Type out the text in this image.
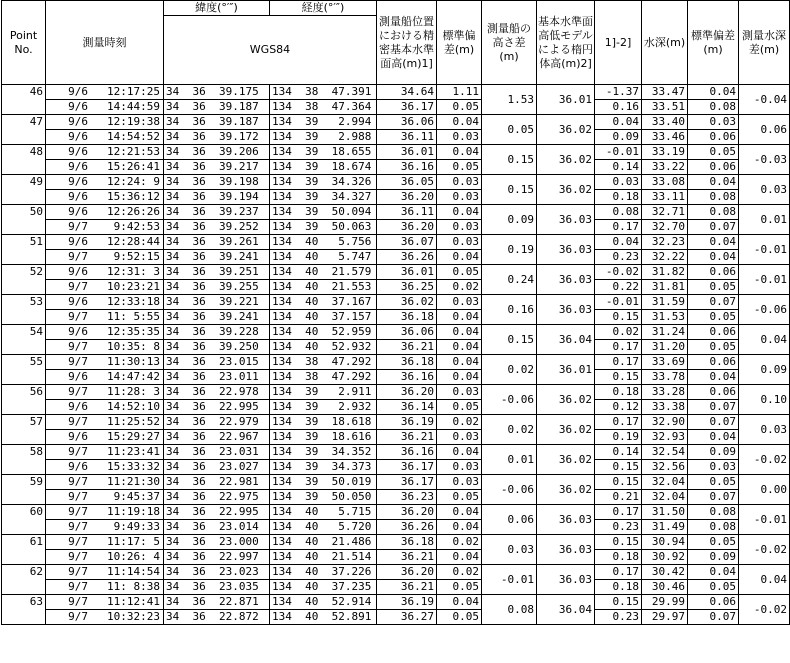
Point
No.	測量時刻	緯度(°′″)	経度(°′″)	測量船位置における精密基本水準面高(m)1]	標準偏差(m)	測量船の高さ差(m)	基本水準面高低モデルによる楕円体高(m)2]	1]-2]	水深(m)	標準偏差(m)	測量水深差(m)
		WGS84									
46	9/6 12:17:25	34  36  39.175	134  38  47.391	34.64	1.11	1.53	36.01	-1.37	33.47	0.04	-0.04
	9/6 14:44:59	34  36  39.187	134  38  47.364	36.17	0.05			0.16	33.51	0.08	
47	9/6 12:19:38	34  36  39.187	134  39   2.994	36.06	0.04	0.05	36.02	0.04	33.40	0.03	0.06
	9/6 14:54:52	34  36  39.172	134  39   2.988	36.11	0.03			0.09	33.46	0.06	
48	9/6 12:21:53	34  36  39.206	134  39  18.655	36.01	0.04	0.15	36.02	-0.01	33.19	0.05	-0.03
	9/6 15:26:41	34  36  39.217	134  39  18.674	36.16	0.05			0.14	33.22	0.06	
49	9/6 12:24: 9	34  36  39.198	134  39  34.326	36.05	0.03	0.15	36.02	0.03	33.08	0.04	0.03
	9/6 15:36:12	34  36  39.194	134  39  34.327	36.20	0.03			0.18	33.11	0.08	
50	9/6 12:26:26	34  36  39.237	134  39  50.094	36.11	0.04	0.09	36.03	0.08	32.71	0.08	0.01
	9/7 9:42:53	34  36  39.252	134  39  50.063	36.20	0.03			0.17	32.70	0.07	
51	9/6 12:28:44	34  36  39.261	134  40   5.756	36.07	0.03	0.19	36.03	0.04	32.23	0.04	-0.01
	9/7 9:52:15	34  36  39.241	134  40   5.747	36.26	0.04			0.23	32.22	0.04	
52	9/6 12:31: 3	34  36  39.251	134  40  21.579	36.01	0.05	0.24	36.03	-0.02	31.82	0.06	-0.01
	9/7 10:23:21	34  36  39.255	134  40  21.553	36.25	0.02			0.22	31.81	0.05	
53	9/6 12:33:18	34  36  39.221	134  40  37.167	36.02	0.03	0.16	36.03	-0.01	31.59	0.07	-0.06
	9/7 11: 5:55	34  36  39.241	134  40  37.157	36.18	0.04			0.15	31.53	0.05	
54	9/6 12:35:35	34  36  39.228	134  40  52.959	36.06	0.04	0.15	36.04	0.02	31.24	0.06	0.04
	9/7 10:35: 8	34  36  39.250	134  40  52.932	36.21	0.04			0.17	31.20	0.05	
55	9/7 11:30:13	34  36  23.015	134  38  47.292	36.18	0.04	0.02	36.01	0.17	33.69	0.06	0.09
	9/6 14:47:42	34  36  23.011	134  38  47.292	36.16	0.04			0.15	33.78	0.04	
56	9/7 11:28: 3	34  36  22.978	134  39   2.911	36.20	0.03	-0.06	36.02	0.18	33.28	0.06	0.10
	9/6 14:52:10	34  36  22.995	134  39   2.932	36.14	0.05			0.12	33.38	0.07	
57	9/7 11:25:52	34  36  22.979	134  39  18.618	36.19	0.02	0.02	36.02	0.17	32.90	0.07	0.03
	9/6 15:29:27	34  36  22.967	134  39  18.616	36.21	0.03			0.19	32.93	0.04	
58	9/7 11:23:41	34  36  23.031	134  39  34.352	36.16	0.04	0.01	36.02	0.14	32.54	0.09	-0.02
	9/6 15:33:32	34  36  23.027	134  39  34.373	36.17	0.03			0.15	32.56	0.03	
59	9/7 11:21:30	34  36  22.981	134  39  50.019	36.17	0.03	-0.06	36.02	0.15	32.04	0.05	0.00
	9/7 9:45:37	34  36  22.975	134  39  50.050	36.23	0.05			0.21	32.04	0.07	
60	9/7 11:19:18	34  36  22.995	134  40   5.715	36.20	0.04	0.06	36.03	0.17	31.50	0.08	-0.01
	9/7 9:49:33	34  36  23.014	134  40   5.720	36.26	0.04			0.23	31.49	0.08	
61	9/7 11:17: 5	34  36  23.000	134  40  21.486	36.18	0.02	0.03	36.03	0.15	30.94	0.05	-0.02
	9/7 10:26: 4	34  36  22.997	134  40  21.514	36.21	0.04			0.18	30.92	0.09	
62	9/7 11:14:54	34  36  23.023	134  40  37.226	36.20	0.02	-0.01	36.03	0.17	30.42	0.04	0.04
	9/7 11: 8:38	34  36  23.035	134  40  37.235	36.21	0.05			0.18	30.46	0.05	
63	9/7 11:12:41	34  36  22.871	134  40  52.914	36.19	0.04	0.08	36.04	0.15	29.99	0.06	-0.02
	9/7 10:32:23	34  36  22.872	134  40  52.891	36.27	0.05			0.23	29.97	0.07	
